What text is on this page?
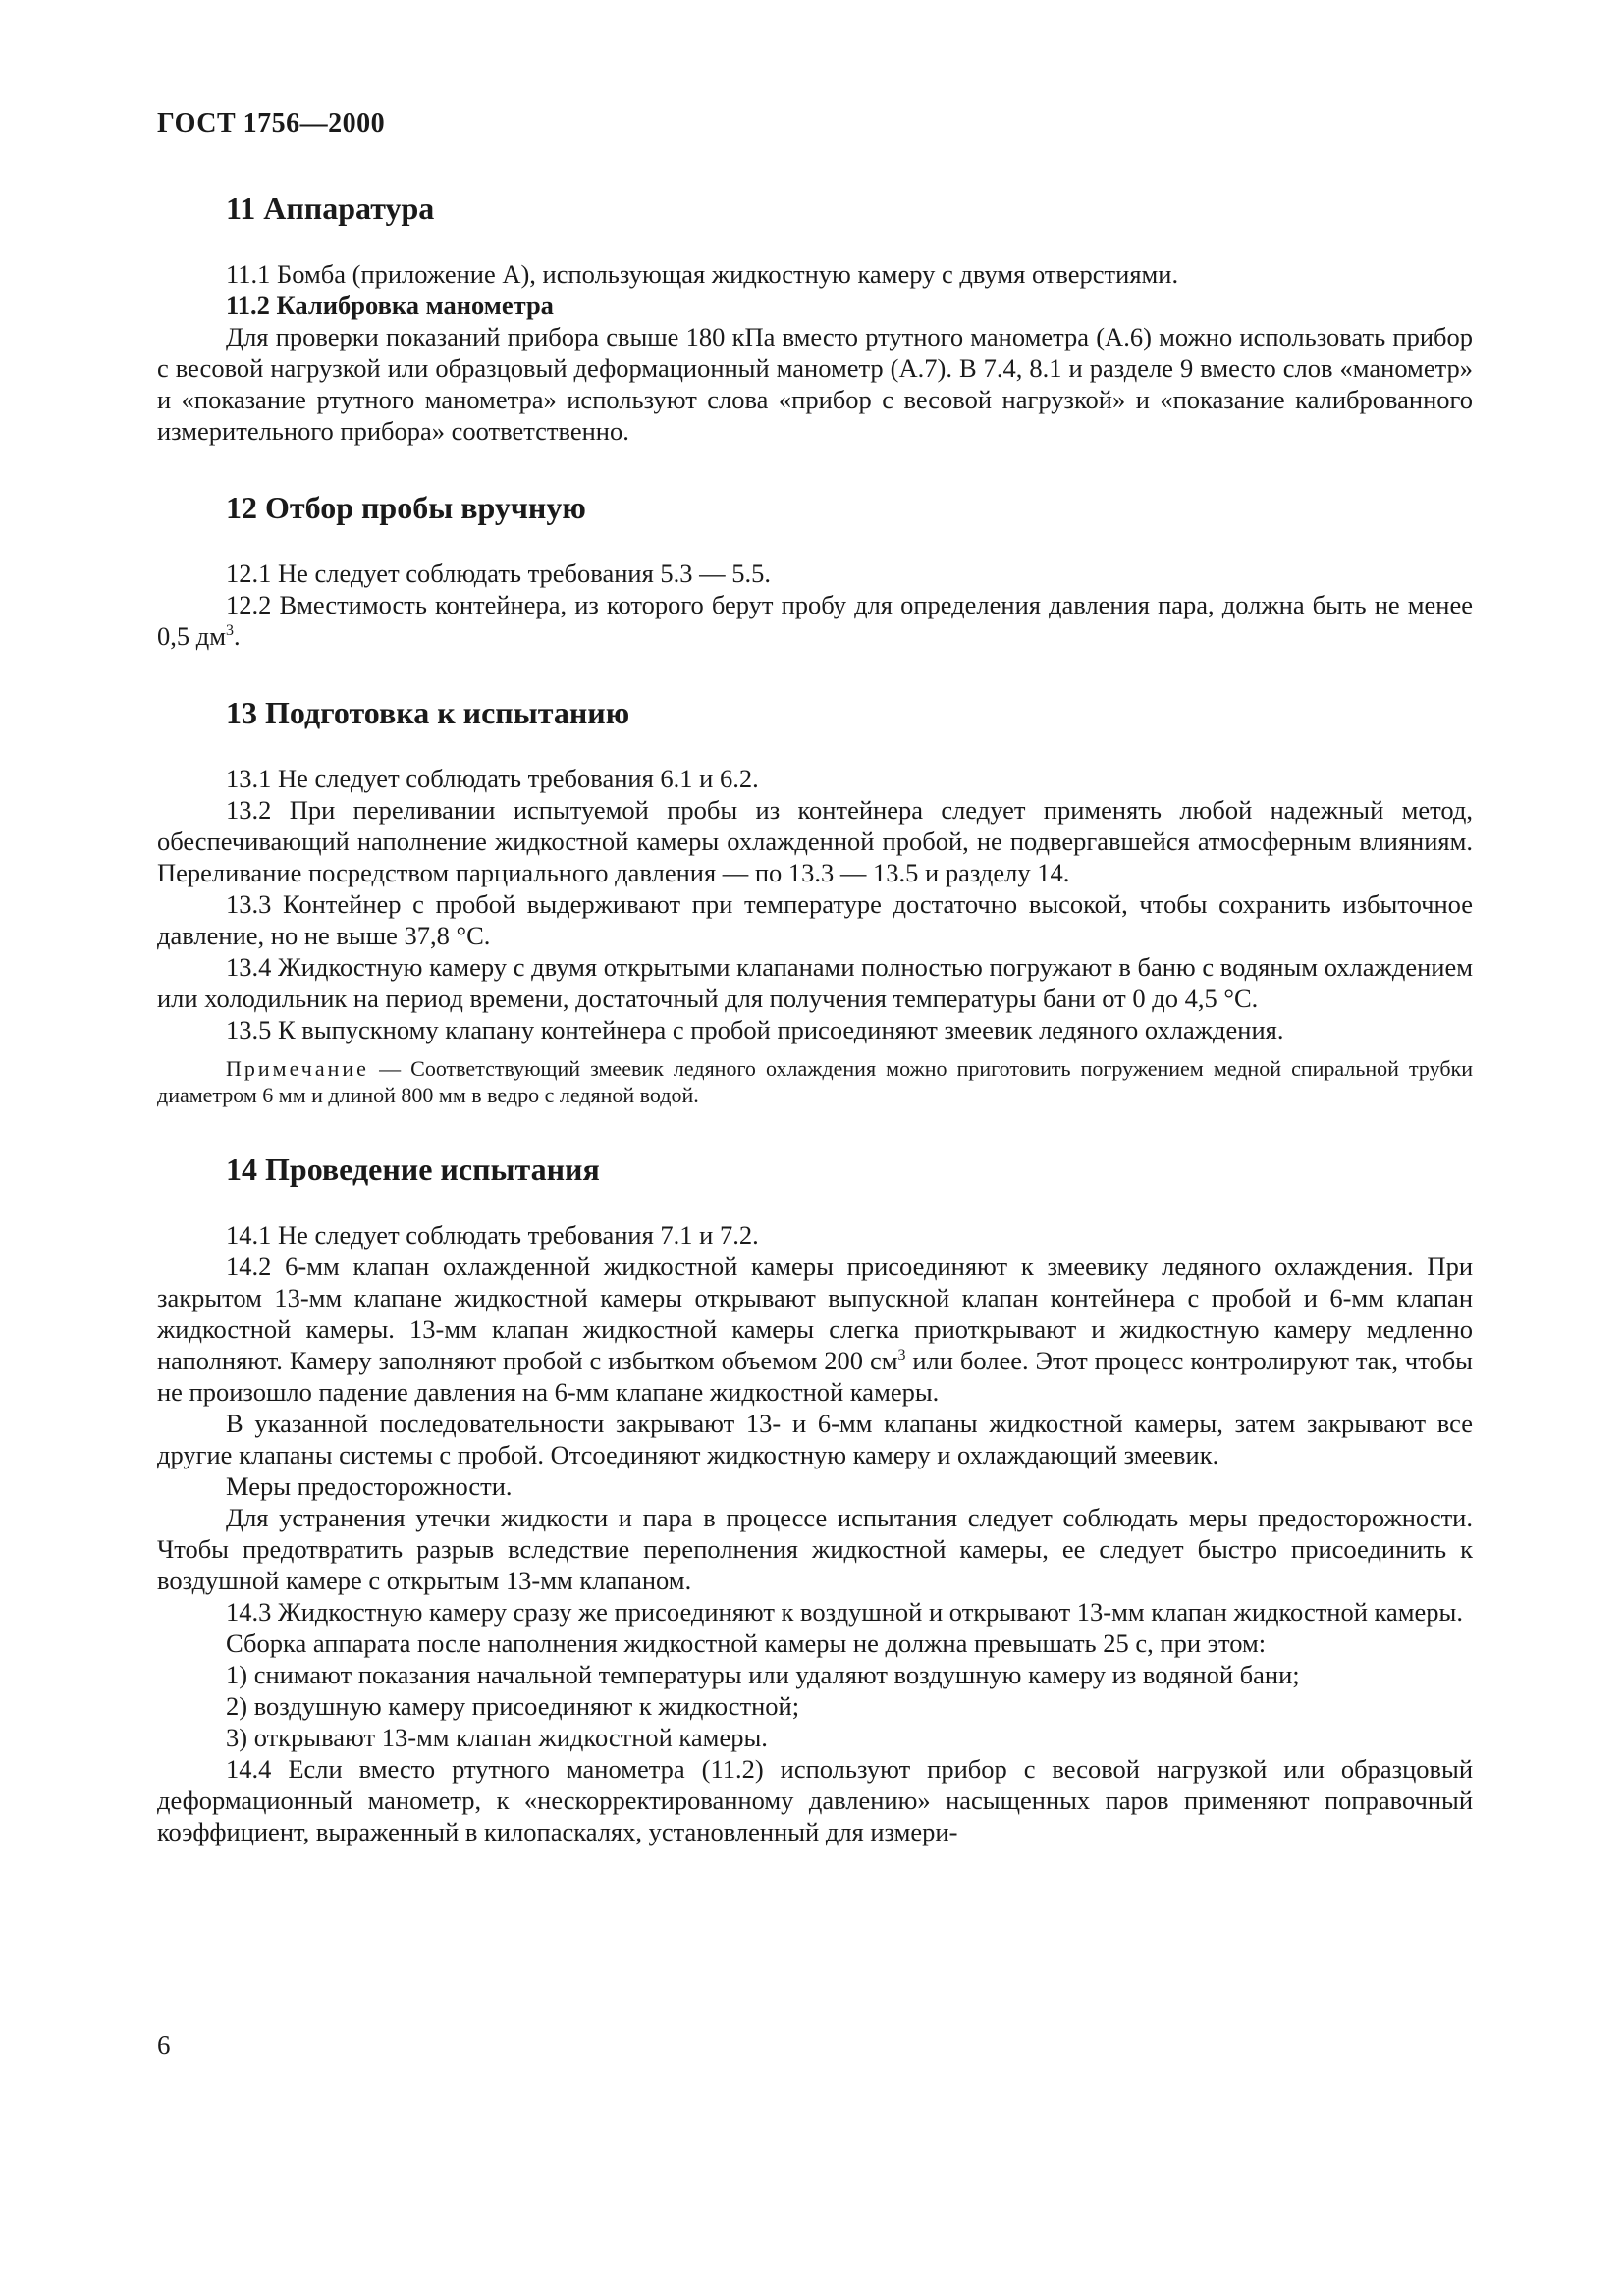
ГОСТ 1756—2000
11 Аппаратура

11.1 Бомба (приложение А), использующая жидкостную камеру с двумя отверстиями.

11.2 Калибровка манометра

Для проверки показаний прибора свыше 180 кПа вместо ртутного манометра (А.6) можно использовать прибор с весовой нагрузкой или образцовый деформационный манометр (А.7). В 7.4, 8.1 и разделе 9 вместо слов «манометр» и «показание ртутного манометра» используют слова «прибор с весовой нагрузкой» и «показание калиброванного измерительного прибора» соответственно.

12 Отбор пробы вручную

12.1 Не следует соблюдать требования 5.3 — 5.5.

12.2 Вместимость контейнера, из которого берут пробу для определения давления пара, должна быть не менее 0,5 $дм^3$.

13 Подготовка к испытанию

13.1 Не следует соблюдать требования 6.1 и 6.2.

13.2 При переливании испытуемой пробы из контейнера следует применять любой надежный метод, обеспечивающий наполнение жидкостной камеры охлажденной пробой, не подвергавшейся атмосферным влияниям. Переливание посредством парциального давления — по 13.3 — 13.5 и разделу 14.

13.3 Контейнер с пробой выдерживают при температуре достаточно высокой, чтобы сохранить избыточное давление, но не выше 37,8 °С.

13.4 Жидкостную камеру с двумя открытыми клапанами полностью погружают в баню с водяным охлаждением или холодильник на период времени, достаточный для получения температуры бани от 0 до 4,5 °С.

13.5 К выпускному клапану контейнера с пробой присоединяют змеевик ледяного охлаждения.

Примечание — Соответствующий змеевик ледяного охлаждения можно приготовить погружением медной спиральной трубки диаметром 6 мм и длиной 800 мм в ведро с ледяной водой.

14 Проведение испытания

14.1 Не следует соблюдать требования 7.1 и 7.2.

14.2 6-мм клапан охлажденной жидкостной камеры присоединяют к змеевику ледяного охлаждения. При закрытом 13-мм клапане жидкостной камеры открывают выпускной клапан контейнера с пробой и 6-мм клапан жидкостной камеры. 13-мм клапан жидкостной камеры слегка приоткрывают и жидкостную камеру медленно наполняют. Камеру заполняют пробой с избытком объемом 200 $см^3$ или более. Этот процесс контролируют так, чтобы не произошло падение давления на 6-мм клапане жидкостной камеры.

В указанной последовательности закрывают 13- и 6-мм клапаны жидкостной камеры, затем закрывают все другие клапаны системы с пробой. Отсоединяют жидкостную камеру и охлаждающий змеевик.

Меры предосторожности.

Для устранения утечки жидкости и пара в процессе испытания следует соблюдать меры предосторожности. Чтобы предотвратить разрыв вследствие переполнения жидкостной камеры, ее следует быстро присоединить к воздушной камере с открытым 13-мм клапаном.

14.3 Жидкостную камеру сразу же присоединяют к воздушной и открывают 13-мм клапан жидкостной камеры.

Сборка аппарата после наполнения жидкостной камеры не должна превышать 25 с, при этом:

1) снимают показания начальной температуры или удаляют воздушную камеру из водяной бани;

2) воздушную камеру присоединяют к жидкостной;

3) открывают 13-мм клапан жидкостной камеры.

14.4 Если вместо ртутного манометра (11.2) используют прибор с весовой нагрузкой или образцовый деформационный манометр, к «нескорректированному давлению» насыщенных паров применяют поправочный коэффициент, выраженный в килопаскалях, установленный для измери-

6
